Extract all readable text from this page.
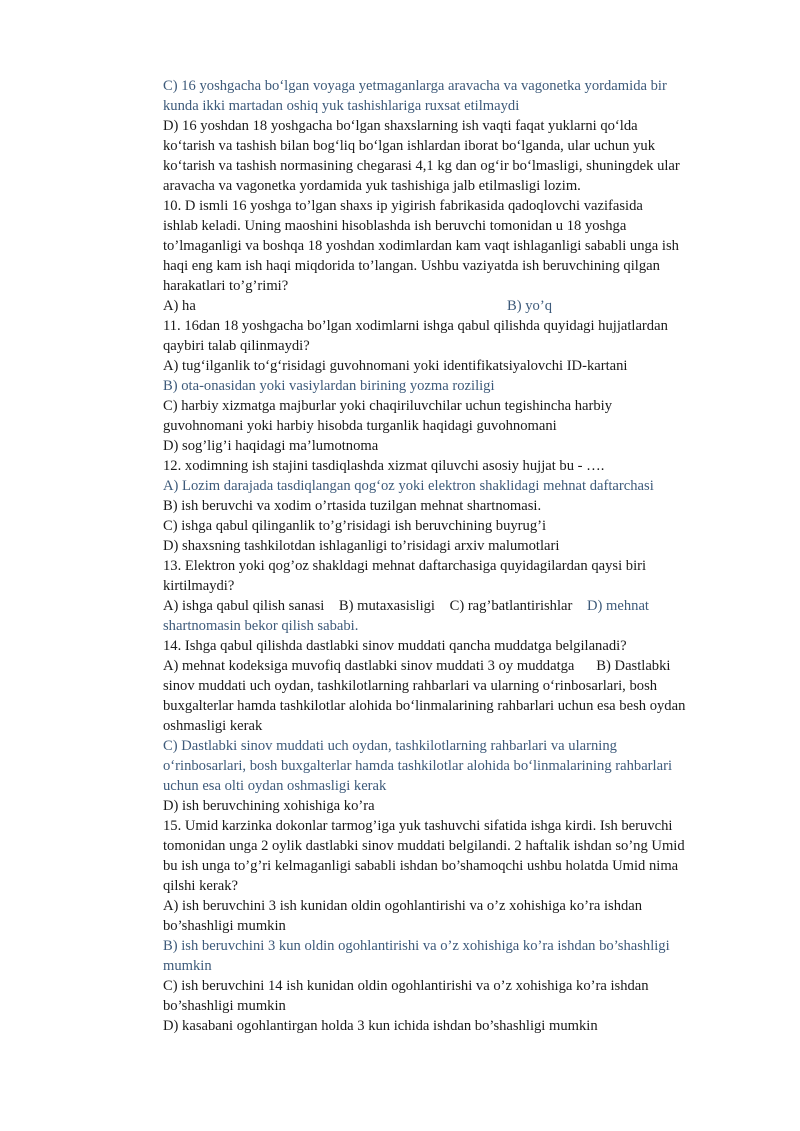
C) 16 yoshgacha bo‘lgan voyaga yetmaganlarga aravacha va vagonetka yordamida bir
kunda ikki martadan oshiq yuk tashishlariga ruxsat etilmaydi
D) 16 yoshdan 18 yoshgacha bo‘lgan shaxslarning ish vaqti faqat yuklarni qo‘lda
ko‘tarish va tashish bilan bog‘liq bo‘lgan ishlardan iborat bo‘lganda, ular uchun yuk
ko‘tarish va tashish normasining chegarasi 4,1 kg dan og‘ir bo‘lmasligi, shuningdek ular
aravacha va vagonetka yordamida yuk tashishiga jalb etilmasligi lozim.
10. D ismli 16 yoshga to’lgan shaxs ip yigirish fabrikasida qadoqlovchi vazifasida
ishlab keladi. Uning maoshini hisoblashda ish beruvchi tomonidan u 18 yoshga
to’lmaganligi va boshqa 18 yoshdan xodimlardan kam vaqt ishlaganligi sababli unga ish
haqi eng kam ish haqi miqdorida to’langan. Ushbu vaziyatda ish beruvchining qilgan
harakatlari to’g’rimi?
A) ha	B) yo’q
11. 16dan 18 yoshgacha bo’lgan xodimlarni ishga qabul qilishda quyidagi hujjatlardan
qaybiri talab qilinmaydi?
A) tug‘ilganlik to‘g‘risidagi guvohnomani yoki identifikatsiyalovchi ID-kartani
B) ota-onasidan yoki vasiylardan birining yozma roziligi
C) harbiy xizmatga majburlar yoki chaqiriluvchilar uchun tegishincha harbiy
guvohnomani yoki harbiy hisobda turganlik haqidagi guvohnomani
D) sog’lig’i haqidagi ma’lumotnoma
12. xodimning ish stajini tasdiqlashda xizmat qiluvchi asosiy hujjat bu - ….
A) Lozim darajada tasdiqlangan qog‘oz yoki elektron shaklidagi mehnat daftarchasi
B) ish beruvchi va xodim o’rtasida tuzilgan mehnat shartnomasi.
C) ishga qabul qilinganlik to’g’risidagi ish beruvchining buyrug’i
D) shaxsning tashkilotdan ishlaganligi to’risidagi arxiv malumotlari
13. Elektron yoki qog’oz shakldagi mehnat daftarchasiga quyidagilardan qaysi biri
kirtilmaydi?
A) ishga qabul qilish sanasi    B) mutaxasisligi    C) rag’batlantirishlar    D) mehnat
shartnomasin bekor qilish sababi.
14. Ishga qabul qilishda dastlabki sinov muddati qancha muddatga belgilanadi?
A) mehnat kodeksiga muvofiq dastlabki sinov muddati 3 oy muddatga      B) Dastlabki
sinov muddati uch oydan, tashkilotlarning rahbarlari va ularning o‘rinbosarlari, bosh
buxgalterlar hamda tashkilotlar alohida bo‘linmalarining rahbarlari uchun esa besh oydan
oshmasligi kerak
C) Dastlabki sinov muddati uch oydan, tashkilotlarning rahbarlari va ularning
o‘rinbosarlari, bosh buxgalterlar hamda tashkilotlar alohida bo‘linmalarining rahbarlari
uchun esa olti oydan oshmasligi kerak
D) ish beruvchining xohishiga ko’ra
15. Umid karzinka dokonlar tarmog’iga yuk tashuvchi sifatida ishga kirdi. Ish beruvchi
tomonidan unga 2 oylik dastlabki sinov muddati belgilandi. 2 haftalik ishdan so’ng Umid
bu ish unga to’g’ri kelmaganligi sababli ishdan bo’shamoqchi ushbu holatda Umid nima
qilshi kerak?
A) ish beruvchini 3 ish kunidan oldin ogohlantirishi va o’z xohishiga ko’ra ishdan
bo’shashligi mumkin
B) ish beruvchini 3 kun oldin ogohlantirishi va o’z xohishiga ko’ra ishdan bo’shashligi
mumkin
C) ish beruvchini 14 ish kunidan oldin ogohlantirishi va o’z xohishiga ko’ra ishdan
bo’shashligi mumkin
D) kasabani ogohlantirgan holda 3 kun ichida ishdan bo’shashligi mumkin
